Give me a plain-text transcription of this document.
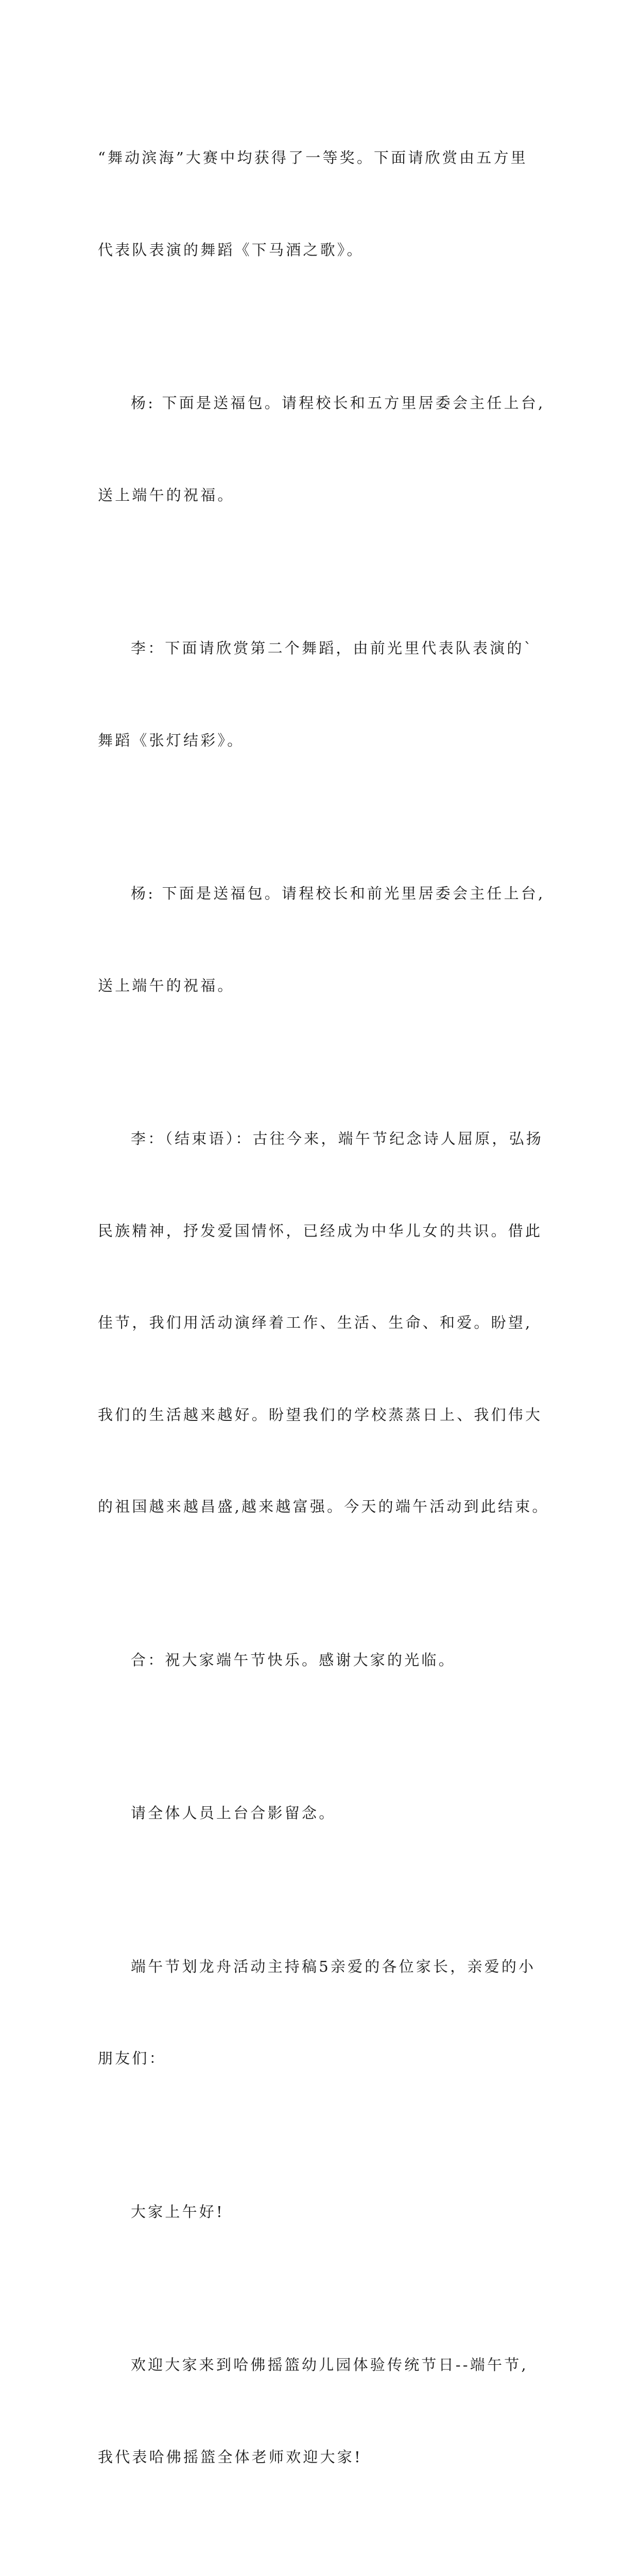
“舞动滨海”大赛中均获得了一等奖。下面请欣赏由五方里

代表队表演的舞蹈《下马酒之歌》。

杨: 下面是送福包。请程校长和五方里居委会主任上台,

送上端午的祝福。

李：下面请欣赏第二个舞蹈，由前光里代表队表演的`

舞蹈《张灯结彩》。

杨: 下面是送福包。请程校长和前光里居委会主任上台,

送上端午的祝福。

李：（结束语）：古往今来，端午节纪念诗人屈原，弘扬

民族精神，抒发爱国情怀，已经成为中华儿女的共识。借此

佳节，我们用活动演绎着工作、生活、生命、和爱。盼望,

我们的生活越来越好。盼望我们的学校蒸蒸日上、我们伟大

的祖国越来越昌盛,越来越富强。今天的端午活动到此结束。

合：祝大家端午节快乐。感谢大家的光临。

请全体人员上台合影留念。

端午节划龙舟活动主持稿5亲爱的各位家长，亲爱的小

朋友们：

大家上午好!

欢迎大家来到哈佛摇篮幼儿园体验传统节日--端午节,

我代表哈佛摇篮全体老师欢迎大家!
